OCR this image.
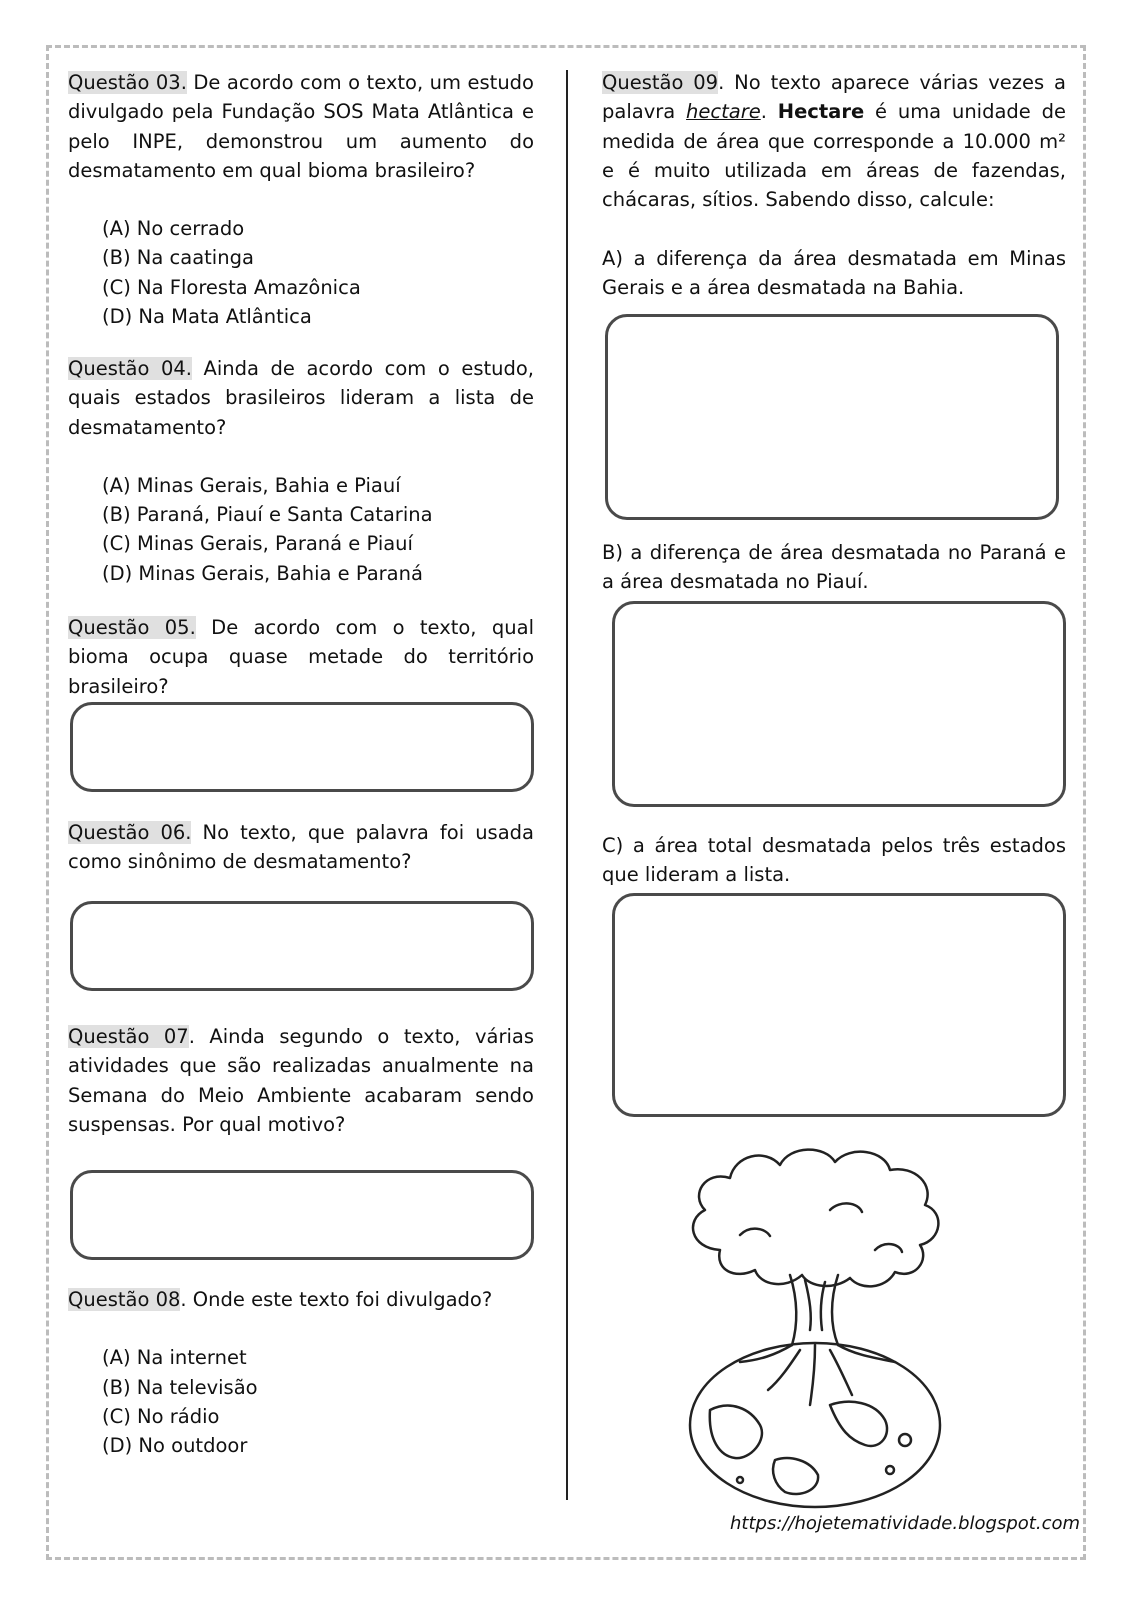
Questão 03. De acordo com o texto, um estudo divulgado pela Fundação SOS Mata Atlântica e pelo INPE, demonstrou um aumento do desmatamento em qual bioma brasileiro?

(A) No cerrado
(B) Na caatinga
(C) Na Floresta Amazônica
(D) Na Mata Atlântica

Questão 04. Ainda de acordo com o estudo, quais estados brasileiros lideram a lista de desmatamento?

(A) Minas Gerais, Bahia e Piauí
(B) Paraná, Piauí e Santa Catarina
(C) Minas Gerais, Paraná e Piauí
(D) Minas Gerais, Bahia e Paraná

Questão 05. De acordo com o texto, qual bioma ocupa quase metade do território brasileiro?

Questão 06. No texto, que palavra foi usada como sinônimo de desmatamento?

Questão 07. Ainda segundo o texto, várias atividades que são realizadas anualmente na Semana do Meio Ambiente acabaram sendo suspensas. Por qual motivo?

Questão 08. Onde este texto foi divulgado?

(A) Na internet
(B) Na televisão
(C) No rádio
(D) No outdoor

Questão 09. No texto aparece várias vezes a palavra hectare. Hectare é uma unidade de medida de área que corresponde a 10.000 m² e é muito utilizada em áreas de fazendas, chácaras, sítios. Sabendo disso, calcule:

A) a diferença da área desmatada em Minas Gerais e a área desmatada na Bahia.

B) a diferença de área desmatada no Paraná e a área desmatada no Piauí.

C) a área total desmatada pelos três estados que lideram a lista.

https://hojetematividade.blogspot.com
